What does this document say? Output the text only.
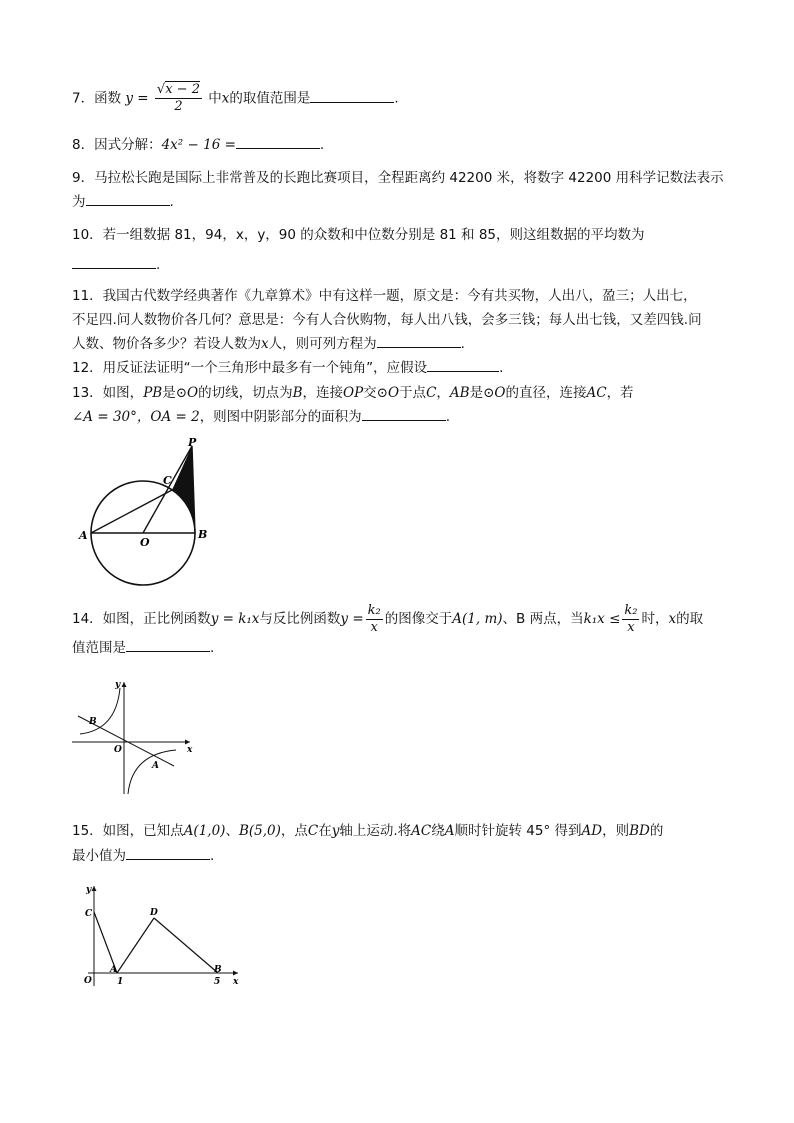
7．函数 $y = \frac{√x - 2}{2}$ 中x的取值范围是	.
8．因式分解：4x² − 16 =	.
9．马拉松长跑是国际上非常普及的长跑比赛项目，全程距离约 42200 米，将数字 42200 用科学记数法表示
为	.
10．若一组数据 81，94，x，y，90 的众数和中位数分别是 81 和 85，则这组数据的平均数为
.
11．我国古代数学经典著作《九章算术》中有这样一题，原文是：今有共买物，人出八，盈三；人出七，
不足四.问人数物价各几何？意思是：今有人合伙购物，每人出八钱，会多三钱；每人出七钱，又差四钱.问
人数、物价各多少？若设人数为x人，则可列方程为	.
12．用反证法证明“一个三角形中最多有一个钝角”，应假设	.
13．如图，PB是⊙O的切线，切点为B，连接OP交⊙O于点C，AB是⊙O的直径，连接AC，若
∠A = 30°，OA = 2，则图中阴影部分的面积为	.
P
C
A
O
B
14．如图，正比例函数y = k₁x与反比例函数$y = \frac{\text{k₂}}{x}$ 的图像交于A(1, m)、B 两点，当$k_1x \le \frac{\text{k₂}}{x}$ 时，x的取
值范围是	.
y
x
O
B
A
15．如图，已知点A(1,0)、B(5,0)，点C在y轴上运动.将AC绕A顺时针旋转 45° 得到AD，则BD的
最小值为	.
y
x
C	D
O
A
1
B
5
